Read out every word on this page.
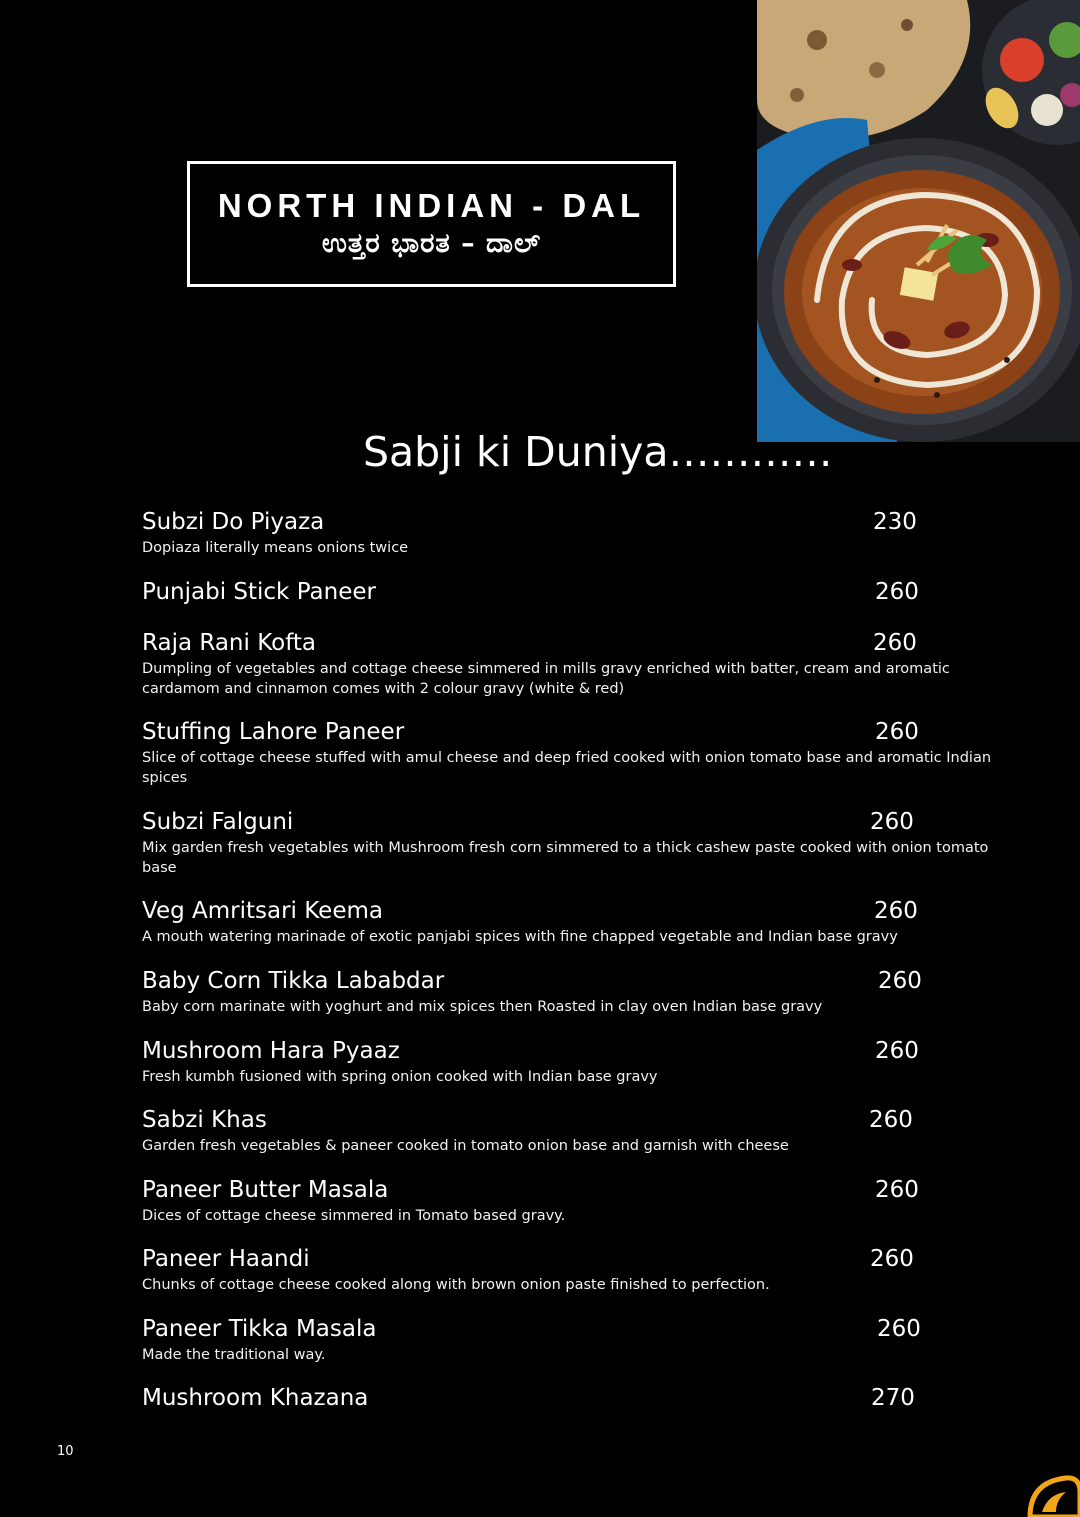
NORTH INDIAN - DAL
ಉತ್ತರ ಭಾರತ – ದಾಲ್
Sabji ki Duniya…………
Subzi Do Piyaza	230
Dopiaza literally means onions twice
Punjabi Stick Paneer	260
Raja Rani Kofta	260
Dumpling of vegetables and cottage cheese simmered in mills gravy enriched with batter, cream and aromatic cardamom and cinnamon comes with 2 colour gravy (white & red)
Stuffing Lahore Paneer	260
Slice of cottage cheese stuffed with amul cheese and deep fried cooked with onion tomato base and aromatic Indian spices
Subzi Falguni	260
Mix garden fresh vegetables with Mushroom fresh corn simmered to a thick cashew paste cooked with onion tomato base
Veg Amritsari Keema	260
A mouth watering marinade of exotic panjabi spices with fine chapped vegetable and Indian base gravy
Baby Corn Tikka Lababdar	260
Baby corn marinate with yoghurt and mix spices then Roasted in clay oven Indian base gravy
Mushroom Hara Pyaaz	260
Fresh kumbh fusioned with spring onion cooked with Indian base gravy
Sabzi Khas	260
Garden fresh vegetables & paneer cooked in tomato onion base and garnish with cheese
Paneer Butter Masala	260
Dices of cottage cheese simmered in Tomato based gravy.
Paneer Haandi	260
Chunks of cottage cheese cooked along with brown onion paste finished to perfection.
Paneer Tikka Masala	260
Made the traditional way.
Mushroom Khazana	270
10
